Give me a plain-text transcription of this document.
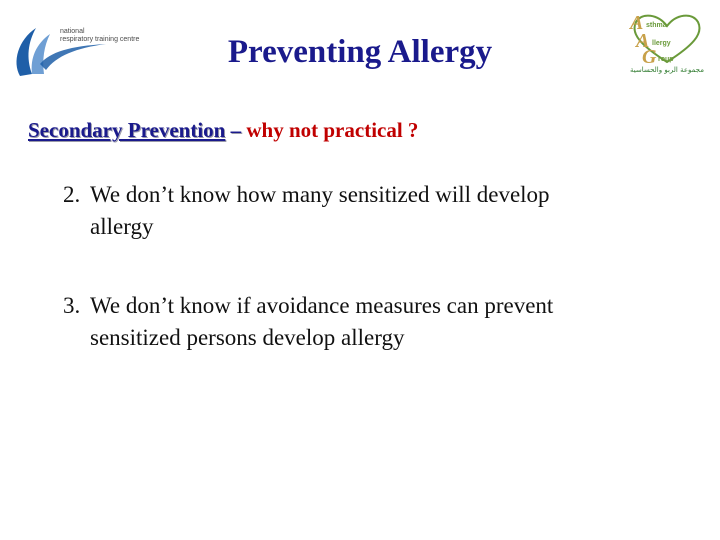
national
respiratory training centre
A sthma
A llergy
G roup
مجموعة الربو والحساسية
Preventing Allergy
Secondary Prevention – why not practical ?
2. We don’t know how many sensitized will develop
allergy
3. We don’t know if avoidance measures can prevent
sensitized persons develop allergy
